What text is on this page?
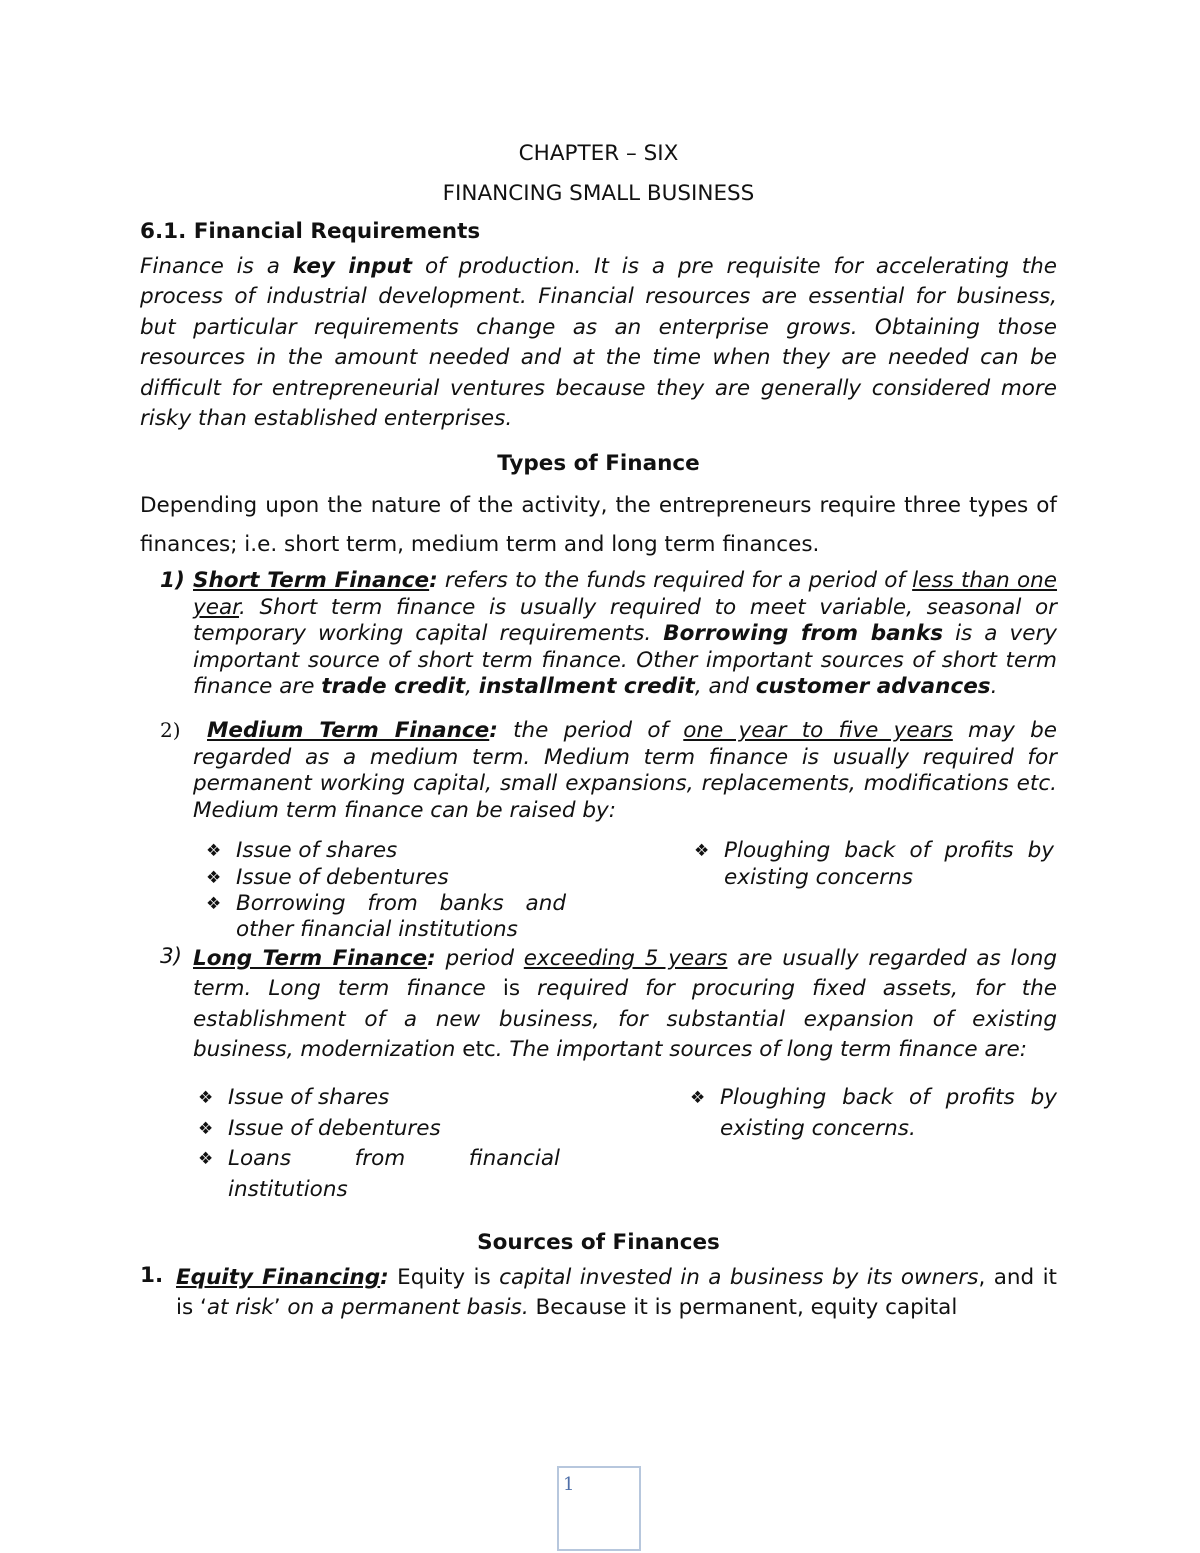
CHAPTER – SIX
FINANCING SMALL BUSINESS
6.1. Financial Requirements

Finance is a key input of production. It is a pre requisite for accelerating the process of industrial development. Financial resources are essential for business, but particular requirements change as an enterprise grows. Obtaining those resources in the amount needed and at the time when they are needed can be difficult for entrepreneurial ventures because they are generally considered more risky than established enterprises.

Types of Finance

Depending upon the nature of the activity, the entrepreneurs require three types of finances; i.e. short term, medium term and long term finances.

1) Short Term Finance: refers to the funds required for a period of less than one year. Short term finance is usually required to meet variable, seasonal or temporary working capital requirements. Borrowing from banks is a very important source of short term finance. Other important sources of short term finance are trade credit, installment credit, and customer advances.
2)	Medium Term Finance: the period of one year to five years may be regarded as a medium term. Medium term finance is usually required for permanent working capital, small expansions, replacements, modifications etc. Medium term finance can be raised by:
❖ Issue of shares
❖ Issue of debentures
❖ Borrowing from banks and other financial institutions
❖ Ploughing back of profits by existing concerns
3) Long Term Finance: period exceeding 5 years are usually regarded as long term. Long term finance is required for procuring fixed assets, for the establishment of a new business, for substantial expansion of existing business, modernization etc. The important sources of long term finance are:
❖ Issue of shares
❖ Issue of debentures
❖ Loans from financial institutions
❖ Ploughing back of profits by existing concerns.
Sources of Finances
1. Equity Financing: Equity is capital invested in a business by its owners, and it is ‘at risk’ on a permanent basis. Because it is permanent, equity capital
1
